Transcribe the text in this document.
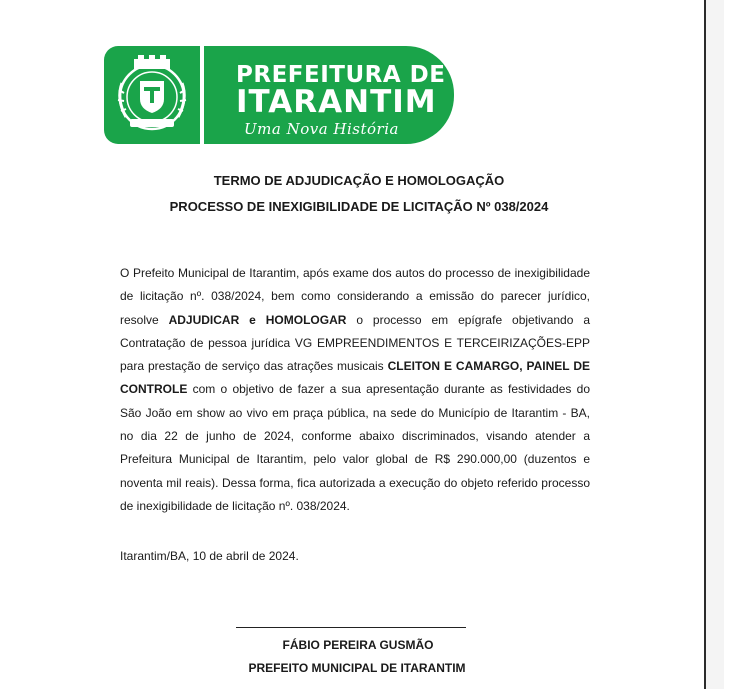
PREFEITURA DE
ITARANTIM
Uma Nova História
TERMO DE ADJUDICAÇÃO E HOMOLOGAÇÃO
PROCESSO DE INEXIGIBILIDADE DE LICITAÇÃO Nº 038/2024
O Prefeito Municipal de Itarantim, após exame dos autos do processo de inexigibilidade de licitação nº. 038/2024, bem como considerando a emissão do parecer jurídico, resolve ADJUDICAR e HOMOLOGAR o processo em epígrafe objetivando a Contratação de pessoa jurídica VG EMPREENDIMENTOS E TERCEIRIZAÇÕES-EPP para prestação de serviço das atrações musicais CLEITON E CAMARGO, PAINEL DE CONTROLE com o objetivo de fazer a sua apresentação durante as festividades do São João em show ao vivo em praça pública, na sede do Município de Itarantim - BA, no dia 22 de junho de 2024, conforme abaixo discriminados, visando atender a Prefeitura Municipal de Itarantim, pelo valor global de R$ 290.000,00 (duzentos e noventa mil reais). Dessa forma, fica autorizada a execução do objeto referido processo de inexigibilidade de licitação nº. 038/2024.
Itarantim/BA, 10 de abril de 2024.
FÁBIO PEREIRA GUSMÃO
PREFEITO MUNICIPAL DE ITARANTIM
